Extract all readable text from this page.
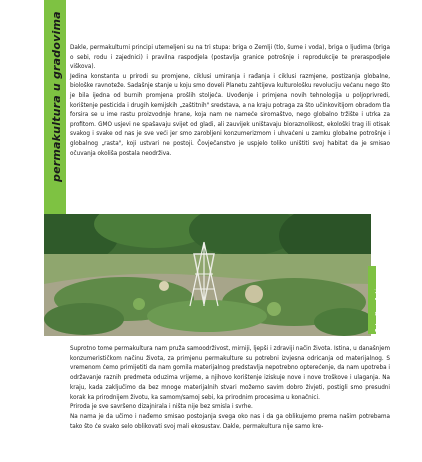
permakultura u gradovima Dakle, permakulturni principi utemeljeni su na tri stupa: briga o Zemlji (tlo, šume i voda), briga o ljudima (briga o sebi, rodu i zajednici) i pravilna raspodjela (postavlja granice potrošnje i reprodukcije te preraspodjele viškova).

Jedina konstanta u prirodi su promjene, ciklusi umiranja i rađanja i ciklusi razmjene, postizanja globalne, biološke ravnoteže. Sadašnje stanje u koju smo doveli Planetu zahtijeva kulturološku revoluciju većanu nego što je bila ijedna od burnih promjena prošlih stoljeća. Uvođenje i primjena novih tehnologija u poljoprivredi, korištenje pesticida i drugih kemijskih „zaštitnih" sredstava, a na kraju potraga za što učinkovitijom obradom tla forsira se u ime rastu proizvodnje hrane, koja nam ne nameće siromaštvo, nego globalno tržište i utrka za profitom. GMO usjevi ne spašavaju svijet od gladi, ali zauvijek uništavaju bioraznolikost, ekološki trag ili otisak svakog i svake od nas je sve veći jer smo zarobljeni konzumerizmom i uhvaćeni u zamku globalne potrošnje i globalnog „rasta", koji ustvari ne postoji. Čovječanstvo je uspjelo toliko uništiti svoj habitat da je smisao očuvanja okoliša postala neodrživa.

Foto: Karo Anić

Suprotno tome permakultura nam pruža samoodrživost, mirniji, ljepši i zdraviji način života. Istina, u današnjem konzumerističkom načinu života, za primjenu permakulture su potrebni izvjesna odricanja od materijalnog. S vremenom ćemo primijetiti da nam gomila materijalnog predstavlja nepotrebno opterećenje, da nam upotreba i održavanje raznih predmeta oduzima vrijeme, a njihovo korištenje iziskuje nove i nove troškove i ulaganja. Na kraju, kada zaključimo da bez mnoge materijalnih stvari možemo savim dobro živjeti, postigli smo presudni korak ka prirodnijem životu, ka samom/samoj sebi, ka prirodnim procesima u konačnici.

Priroda je sve savršeno dizajnirala i ništa nije bez smisla i svrhe.

Na nama je da učimo i nađemo smisao postojanja svega oko nas i da ga oblikujemo prema našim potrebama tako što će svako selo oblikovati svoj mali ekosustav. Dakle, permakultura nije samo kre-
